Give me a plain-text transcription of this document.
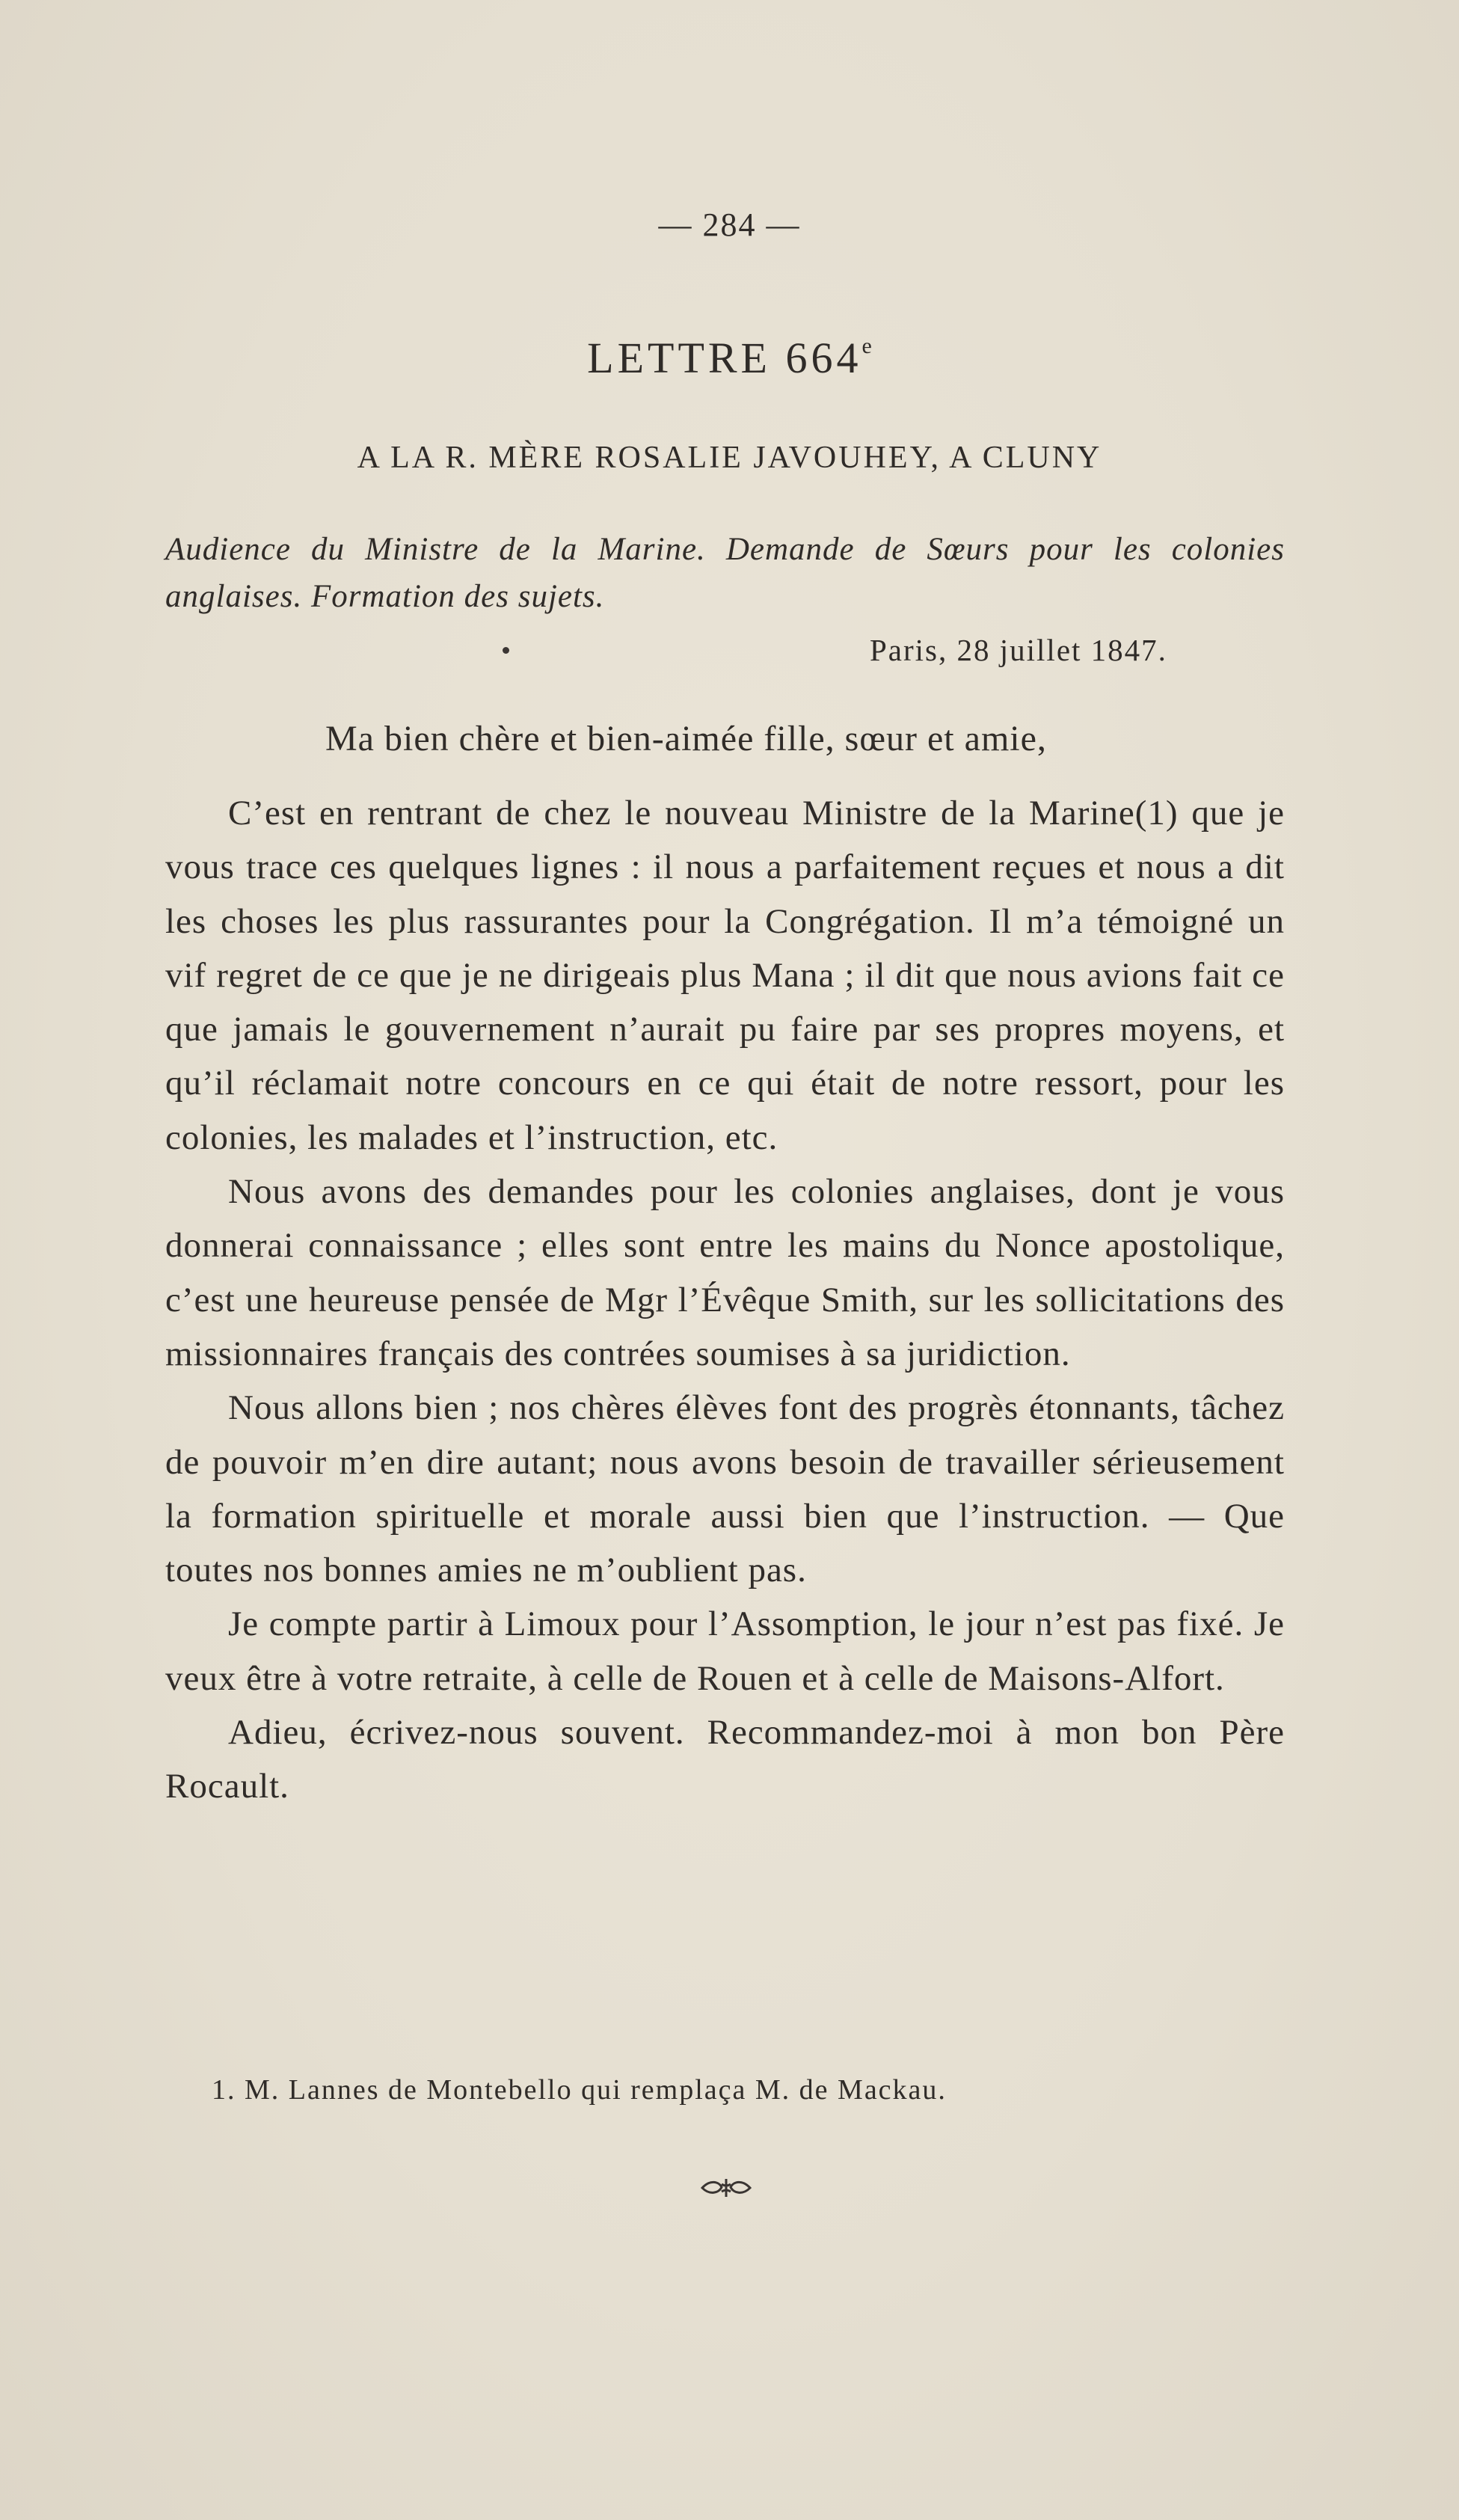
— 284 —
LETTRE 664e
A LA R. MÈRE ROSALIE JAVOUHEY, A CLUNY
Audience du Ministre de la Marine. Demande de Sœurs pour les colonies anglaises. Formation des sujets.
Paris, 28 juillet 1847.
Ma bien chère et bien-aimée fille, sœur et amie,

C’est en rentrant de chez le nouveau Ministre de la Marine(1) que je vous trace ces quelques lignes : il nous a parfaitement reçues et nous a dit les choses les plus rassurantes pour la Congrégation. Il m’a témoigné un vif regret de ce que je ne dirigeais plus Mana ; il dit que nous avions fait ce que jamais le gouvernement n’aurait pu faire par ses propres moyens, et qu’il réclamait notre concours en ce qui était de notre ressort, pour les colonies, les malades et l’instruction, etc.

Nous avons des demandes pour les colonies anglaises, dont je vous donnerai connaissance ; elles sont entre les mains du Nonce apostolique, c’est une heureuse pensée de Mgr l’Évêque Smith, sur les sollicitations des missionnaires français des contrées soumises à sa juridiction.

Nous allons bien ; nos chères élèves font des progrès étonnants, tâchez de pouvoir m’en dire autant; nous avons besoin de travailler sérieusement la formation spirituelle et morale aussi bien que l’instruction. — Que toutes nos bonnes amies ne m’oublient pas.

Je compte partir à Limoux pour l’Assomption, le jour n’est pas fixé. Je veux être à votre retraite, à celle de Rouen et à celle de Maisons-Alfort.

Adieu, écrivez-nous souvent. Recommandez-moi à mon bon Père Rocault.

1. M. Lannes de Montebello qui remplaça M. de Mackau.
